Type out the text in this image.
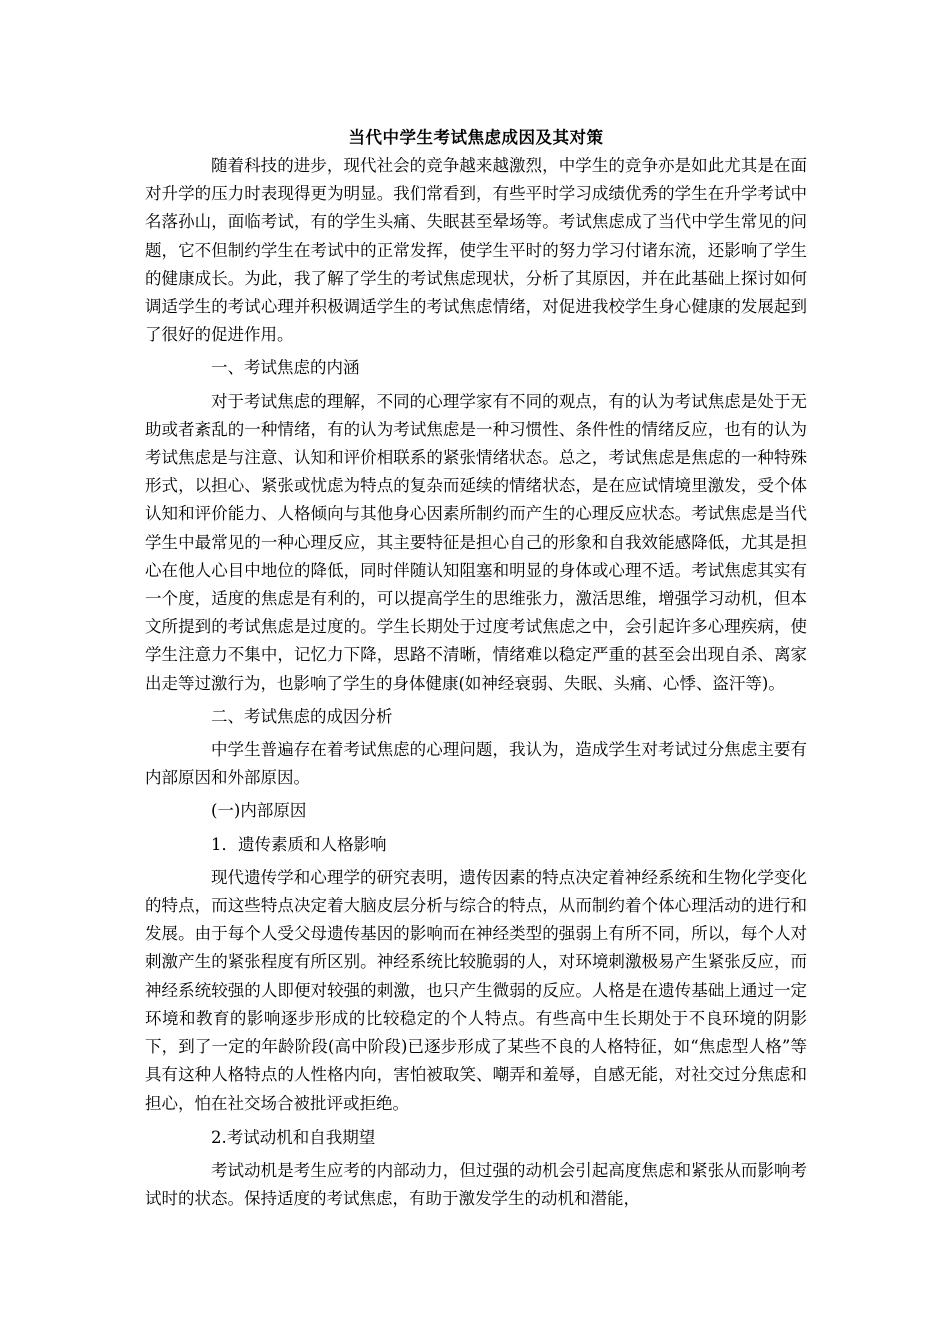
当代中学生考试焦虑成因及其对策

随着科技的进步，现代社会的竞争越来越激烈，中学生的竞争亦是如此尤其是在面对升学的压力时表现得更为明显。我们常看到，有些平时学习成绩优秀的学生在升学考试中名落孙山，面临考试，有的学生头痛、失眠甚至晕场等。考试焦虑成了当代中学生常见的问题，它不但制约学生在考试中的正常发挥，使学生平时的努力学习付诸东流，还影响了学生的健康成长。为此，我了解了学生的考试焦虑现状，分析了其原因，并在此基础上探讨如何调适学生的考试心理并积极调适学生的考试焦虑情绪，对促进我校学生身心健康的发展起到了很好的促进作用。

一、考试焦虑的内涵

对于考试焦虑的理解，不同的心理学家有不同的观点，有的认为考试焦虑是处于无助或者紊乱的一种情绪，有的认为考试焦虑是一种习惯性、条件性的情绪反应，也有的认为考试焦虑是与注意、认知和评价相联系的紧张情绪状态。总之，考试焦虑是焦虑的一种特殊形式，以担心、紧张或忧虑为特点的复杂而延续的情绪状态，是在应试情境里激发，受个体认知和评价能力、人格倾向与其他身心因素所制约而产生的心理反应状态。考试焦虑是当代学生中最常见的一种心理反应，其主要特征是担心自己的形象和自我效能感降低，尤其是担心在他人心目中地位的降低，同时伴随认知阻塞和明显的身体或心理不适。考试焦虑其实有一个度，适度的焦虑是有利的，可以提高学生的思维张力，激活思维，增强学习动机，但本文所提到的考试焦虑是过度的。学生长期处于过度考试焦虑之中，会引起许多心理疾病，使学生注意力不集中，记忆力下降，思路不清晰，情绪难以稳定严重的甚至会出现自杀、离家出走等过激行为，也影响了学生的身体健康(如神经衰弱、失眠、头痛、心悸、盗汗等)。

二、考试焦虑的成因分析

中学生普遍存在着考试焦虑的心理问题，我认为，造成学生对考试过分焦虑主要有内部原因和外部原因。

(一)内部原因

1．遗传素质和人格影响

现代遗传学和心理学的研究表明，遗传因素的特点决定着神经系统和生物化学变化的特点，而这些特点决定着大脑皮层分析与综合的特点，从而制约着个体心理活动的进行和发展。由于每个人受父母遗传基因的影响而在神经类型的强弱上有所不同，所以，每个人对刺激产生的紧张程度有所区别。神经系统比较脆弱的人，对环境刺激极易产生紧张反应，而神经系统较强的人即便对较强的刺激，也只产生微弱的反应。人格是在遗传基础上通过一定环境和教育的影响逐步形成的比较稳定的个人特点。有些高中生长期处于不良环境的阴影下，到了一定的年龄阶段(高中阶段)已逐步形成了某些不良的人格特征，如“焦虑型人格”等具有这种人格特点的人性格内向，害怕被取笑、嘲弄和羞辱，自感无能，对社交过分焦虑和担心，怕在社交场合被批评或拒绝。

2.考试动机和自我期望

考试动机是考生应考的内部动力，但过强的动机会引起高度焦虑和紧张从而影响考试时的状态。保持适度的考试焦虑，有助于激发学生的动机和潜能，
